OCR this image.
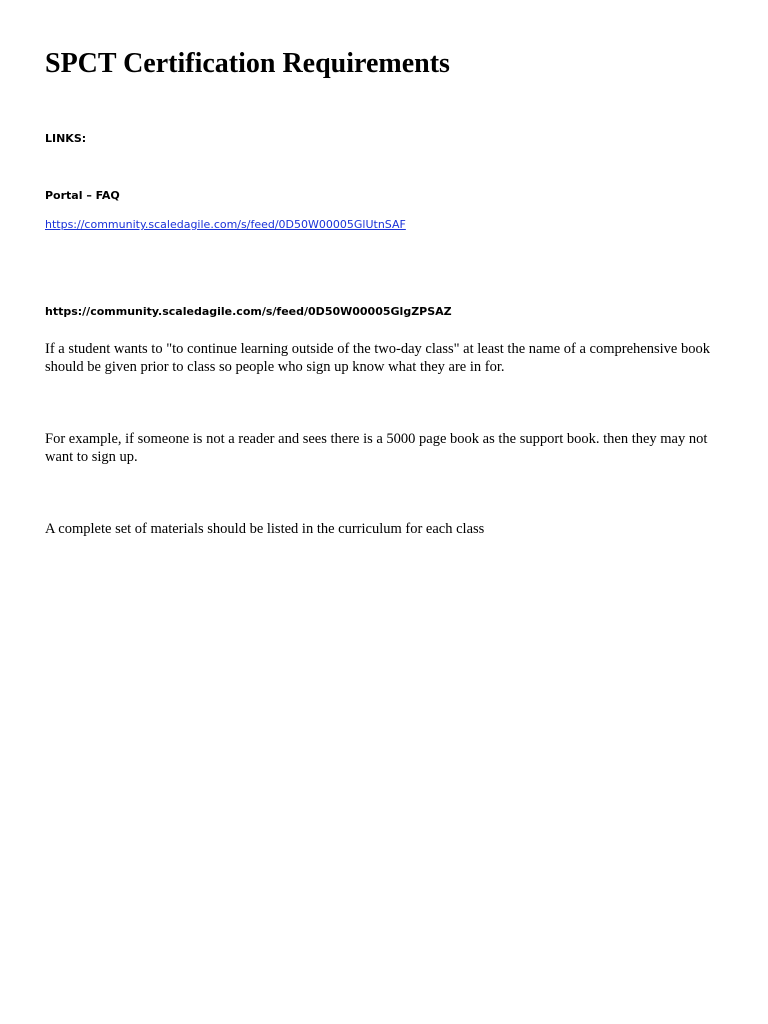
SPCT Certification Requirements

LINKS:

Portal – FAQ

https://community.scaledagile.com/s/feed/0D50W00005GlUtnSAF

https://community.scaledagile.com/s/feed/0D50W00005GlgZPSAZ

If a student wants to "to continue learning outside of the two-day class" at least the name of a comprehensive book should be given prior to class so people who sign up know what they are in for.

For example, if someone is not a reader and sees there is a 5000 page book as the support book. then they may not want to sign up.

A complete set of materials should be listed in the curriculum for each class
